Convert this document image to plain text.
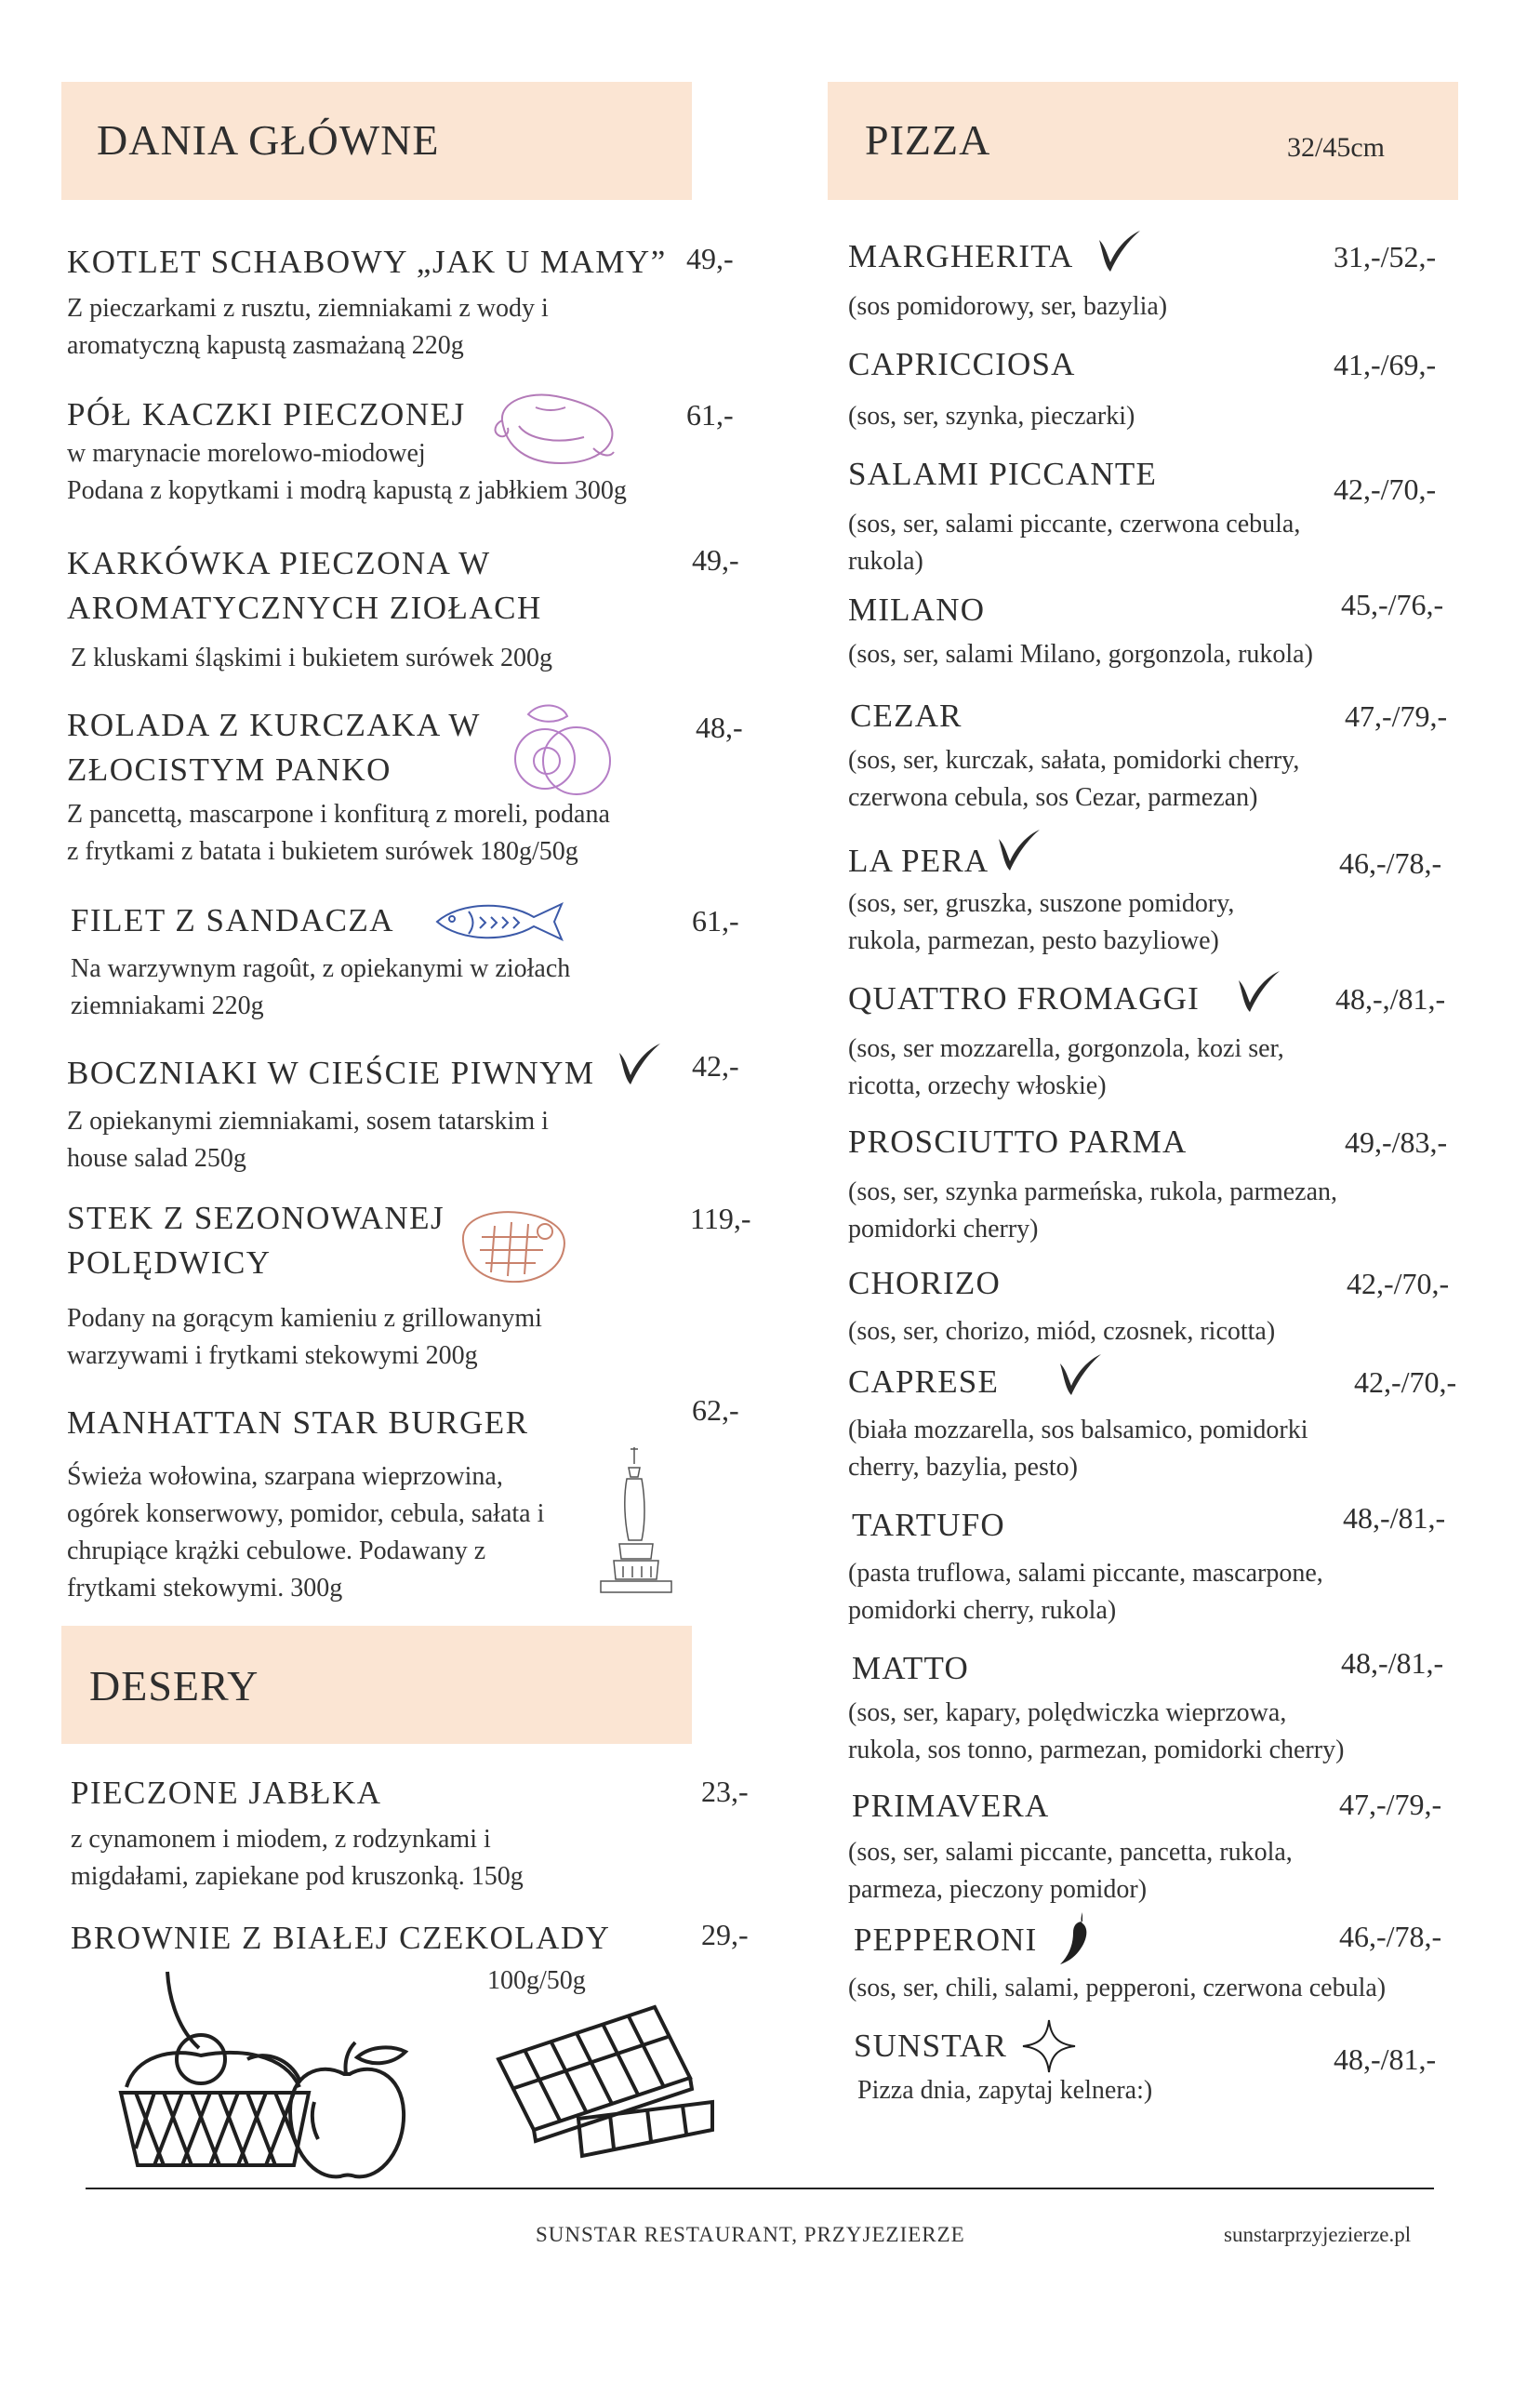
DANIA GŁÓWNE
KOTLET SCHABOWY „JAK U MAMY” 49,-
Z pieczarkami z rusztu, ziemniakami z wody i
aromatyczną kapustą zasmażaną 220g
PÓŁ KACZKI PIECZONEJ	61,-
w marynacie morelowo-miodowej
Podana z kopytkami i modrą kapustą z jabłkiem 300g
KARKÓWKA PIECZONA W
AROMATYCZNYCH ZIOŁACH
49,-
Z kluskami śląskimi i bukietem surówek 200g
ROLADA Z KURCZAKA W
ZŁOCISTYM PANKO
48,-
Z pancettą, mascarpone i konfiturą z moreli, podana
z frytkami z batata i bukietem surówek 180g/50g
FILET Z SANDACZA	61,-
Na warzywnym ragoût, z opiekanymi w ziołach
ziemniakami 220g
BOCZNIAKI W CIEŚCIE PIWNYM	42,-
Z opiekanymi ziemniakami, sosem tatarskim i
house salad 250g
STEK Z SEZONOWANEJ
POLĘDWICY
119,-
Podany na gorącym kamieniu z grillowanymi
warzywami i frytkami stekowymi 200g
MANHATTAN STAR BURGER	62,-
Świeża wołowina, szarpana wieprzowina,
ogórek konserwowy, pomidor, cebula, sałata i
chrupiące krążki cebulowe. Podawany z
frytkami stekowymi. 300g
DESERY
PIECZONE JABŁKA	23,-
z cynamonem i miodem, z rodzynkami i
migdałami, zapiekane pod kruszonką. 150g
BROWNIE Z BIAŁEJ CZEKOLADY	29,-
100g/50g
PIZZA	32/45cm
MARGHERITA	31,-/52,-
(sos pomidorowy, ser, bazylia)
CAPRICCIOSA	41,-/69,-
(sos, ser, szynka, pieczarki)
SALAMI PICCANTE	42,-/70,-
(sos, ser, salami piccante, czerwona cebula,
rukola)
MILANO	45,-/76,-
(sos, ser, salami Milano, gorgonzola, rukola)
CEZAR	47,-/79,-
(sos, ser, kurczak, sałata, pomidorki cherry,
czerwona cebula, sos Cezar, parmezan)
LA PERA	46,-/78,-
(sos, ser, gruszka, suszone pomidory,
rukola, parmezan, pesto bazyliowe)
QUATTRO FROMAGGI	48,-,/81,-
(sos, ser mozzarella, gorgonzola, kozi ser,
ricotta, orzechy włoskie)
PROSCIUTTO PARMA	49,-/83,-
(sos, ser, szynka parmeńska, rukola, parmezan,
pomidorki cherry)
CHORIZO	42,-/70,-
(sos, ser, chorizo, miód, czosnek, ricotta)
CAPRESE	42,-/70,-
(biała mozzarella, sos balsamico, pomidorki
cherry, bazylia, pesto)
TARTUFO	48,-/81,-
(pasta truflowa, salami piccante, mascarpone,
pomidorki cherry, rukola)
MATTO	48,-/81,-
(sos, ser, kapary, polędwiczka wieprzowa,
rukola, sos tonno, parmezan, pomidorki cherry)
PRIMAVERA	47,-/79,-
(sos, ser, salami piccante, pancetta, rukola,
parmeza, pieczony pomidor)
PEPPERONI	46,-/78,-
(sos, ser, chili, salami, pepperoni, czerwona cebula)
SUNSTAR	48,-/81,-
Pizza dnia, zapytaj kelnera:)
SUNSTAR RESTAURANT, PRZYJEZIERZE	sunstarprzyjezierze.pl
